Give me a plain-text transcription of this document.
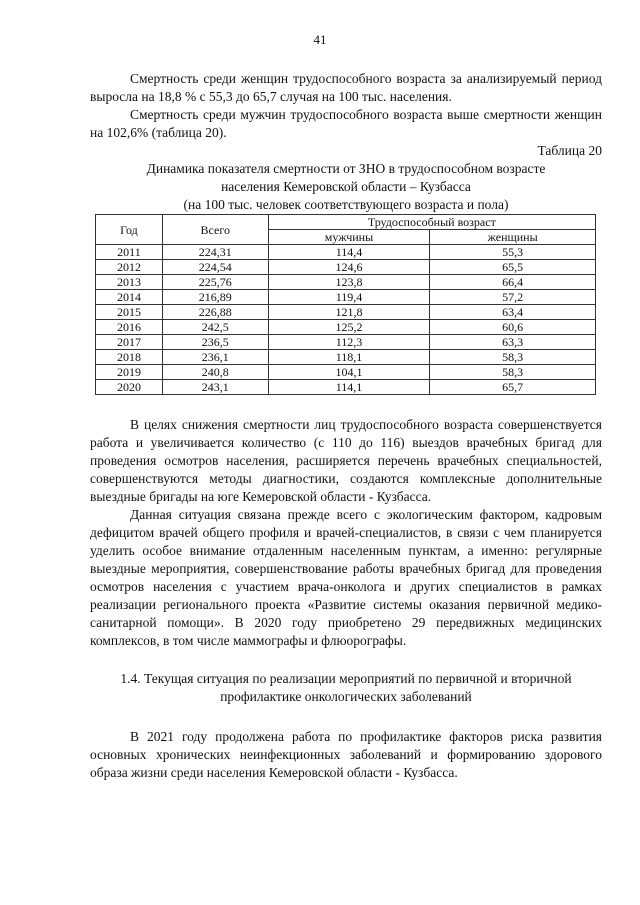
41

Смертность среди женщин трудоспособного возраста за анализируемый период выросла на 18,8 % с 55,3 до 65,7 случая на 100 тыс. населения.

Смертность среди мужчин трудоспособного возраста выше смертности женщин на 102,6% (таблица 20).

Таблица 20
Динамика показателя смертности от ЗНО в трудоспособном возрасте
населения Кемеровской области – Кузбасса
(на 100 тыс. человек соответствующего возраста и пола)
Год	Всего	Трудоспособный возраст	
		мужчины	женщины
2011	224,31	114,4	55,3
2012	224,54	124,6	65,5
2013	225,76	123,8	66,4
2014	216,89	119,4	57,2
2015	226,88	121,8	63,4
2016	242,5	125,2	60,6
2017	236,5	112,3	63,3
2018	236,1	118,1	58,3
2019	240,8	104,1	58,3
2020	243,1	114,1	65,7

В целях снижения смертности лиц трудоспособного возраста совершенствуется работа и увеличивается количество (с 110 до 116) выездов врачебных бригад для проведения осмотров населения, расширяется перечень врачебных специальностей, совершенствуются методы диагностики, создаются комплексные дополнительные выездные бригады на юге Кемеровской области - Кузбасса.

Данная ситуация связана прежде всего с экологическим фактором, кадровым дефицитом врачей общего профиля и врачей-специалистов, в связи с чем планируется уделить особое внимание отдаленным населенным пунктам, а именно: регулярные выездные мероприятия, совершенствование работы врачебных бригад для проведения осмотров населения с участием врача-онколога и других специалистов в рамках реализации регионального проекта «Развитие системы оказания первичной медико-санитарной помощи». В 2020 году приобретено 29 передвижных медицинских комплексов, в том числе маммографы и флюорографы.

1.4. Текущая ситуация по реализации мероприятий по первичной и вторичной профилактике онкологических заболеваний

В 2021 году продолжена работа по профилактике факторов риска развития основных хронических неинфекционных заболеваний и формированию здорового образа жизни среди населения Кемеровской области - Кузбасса.
